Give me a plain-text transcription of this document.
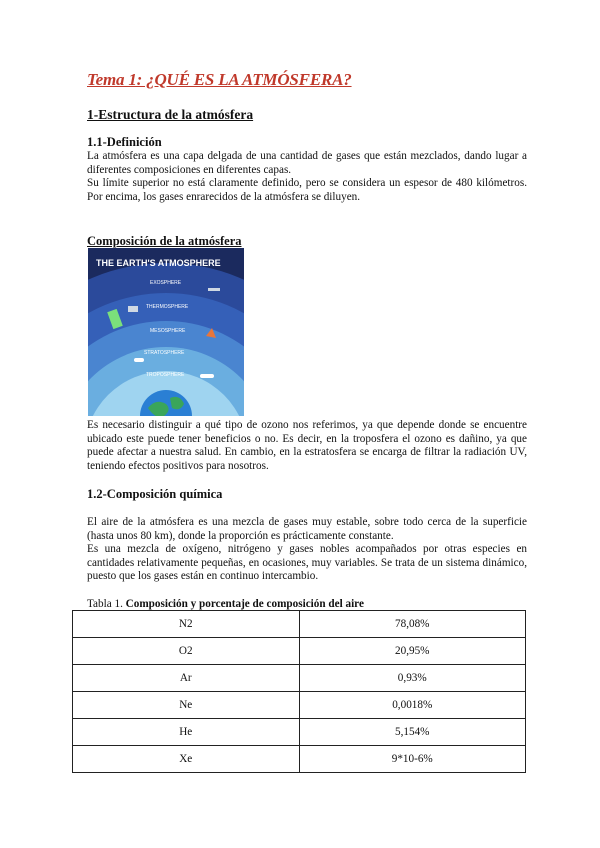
Tema 1: ¿QUÉ ES LA ATMÓSFERA?
1-Estructura de la atmósfera
1.1-Definición

La atmósfera es una capa delgada de una cantidad de gases que están mezclados, dando lugar a diferentes composiciones en diferentes capas.

Su límite superior no está claramente definido, pero se considera un espesor de 480 kilómetros. Por encima, los gases enrarecidos de la atmósfera se diluyen.

Composición de la atmósfera
THE EARTH'S ATMOSPHERE
EXOSPHERE
THERMOSPHERE
MESOSPHERE
STRATOSPHERE
TROPOSPHERE

Es necesario distinguir a qué tipo de ozono nos referimos, ya que depende donde se encuentre ubicado este puede tener beneficios o no. Es decir, en la troposfera el ozono es dañino, ya que puede afectar a nuestra salud. En cambio, en la estratosfera se encarga de filtrar la radiación UV, teniendo efectos positivos para nosotros.

1.2-Composición química

El aire de la atmósfera es una mezcla de gases muy estable, sobre todo cerca de la superficie (hasta unos 80 km), donde la proporción es prácticamente constante.

Es una mezcla de oxígeno, nitrógeno y gases nobles acompañados por otras especies en cantidades relativamente pequeñas, en ocasiones, muy variables. Se trata de un sistema dinámico, puesto que los gases están en continuo intercambio.

Tabla 1. Composición y porcentaje de composición del aire
N2	78,08%
O2	20,95%
Ar	0,93%
Ne	0,0018%
He	5,154%
Xe	9*10-6%
